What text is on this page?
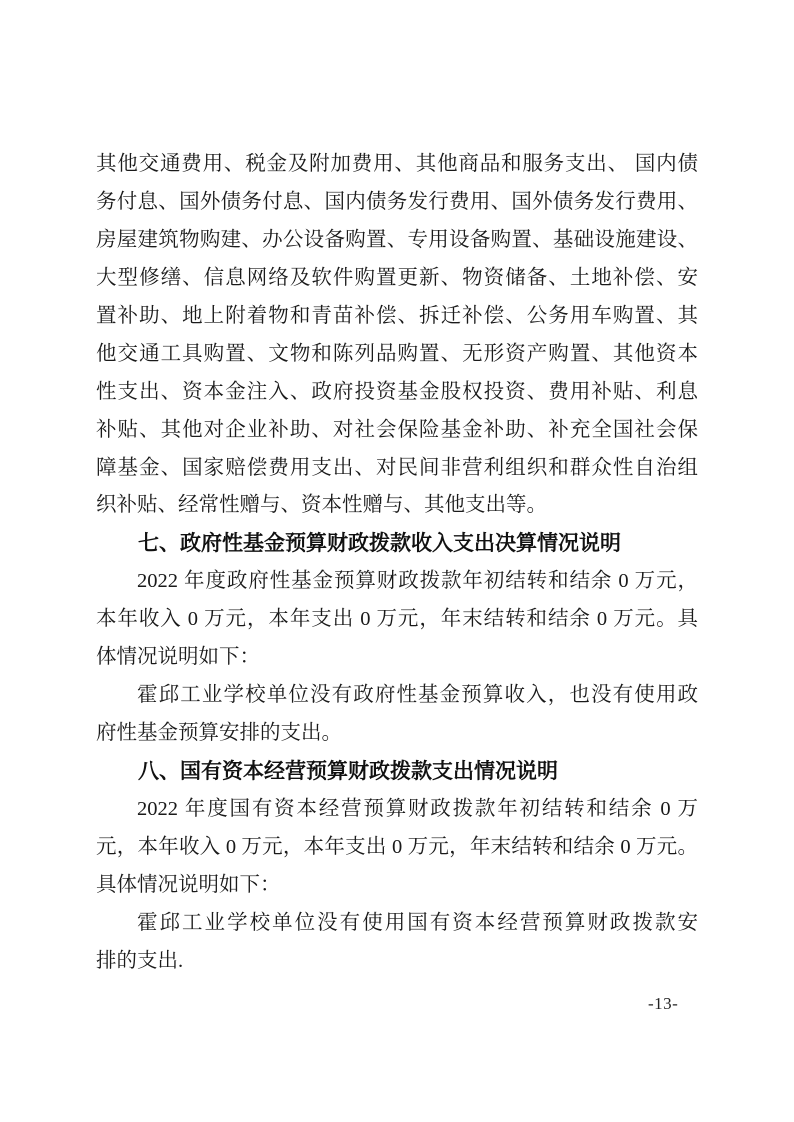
其他交通费用、税金及附加费用、其他商品和服务支出、 国内债
务付息、国外债务付息、国内债务发行费用、国外债务发行费用、
房屋建筑物购建、办公设备购置、专用设备购置、基础设施建设、
大型修缮、信息网络及软件购置更新、物资储备、土地补偿、安
置补助、地上附着物和青苗补偿、拆迁补偿、公务用车购置、其
他交通工具购置、文物和陈列品购置、无形资产购置、其他资本
性支出、资本金注入、政府投资基金股权投资、费用补贴、利息
补贴、其他对企业补助、对社会保险基金补助、补充全国社会保
障基金、国家赔偿费用支出、对民间非营利组织和群众性自治组
织补贴、经常性赠与、资本性赠与、其他支出等。
七、政府性基金预算财政拨款收入支出决算情况说明
2022 年度政府性基金预算财政拨款年初结转和结余 0 万元，
本年收入 0 万元，本年支出 0 万元，年末结转和结余 0 万元。具
体情况说明如下：
霍邱工业学校单位没有政府性基金预算收入，也没有使用政
府性基金预算安排的支出。
八、国有资本经营预算财政拨款支出情况说明
2022 年度国有资本经营预算财政拨款年初结转和结余 0 万
元，本年收入 0 万元，本年支出 0 万元，年末结转和结余 0 万元。
具体情况说明如下：
霍邱工业学校单位没有使用国有资本经营预算财政拨款安
排的支出.
-13-
